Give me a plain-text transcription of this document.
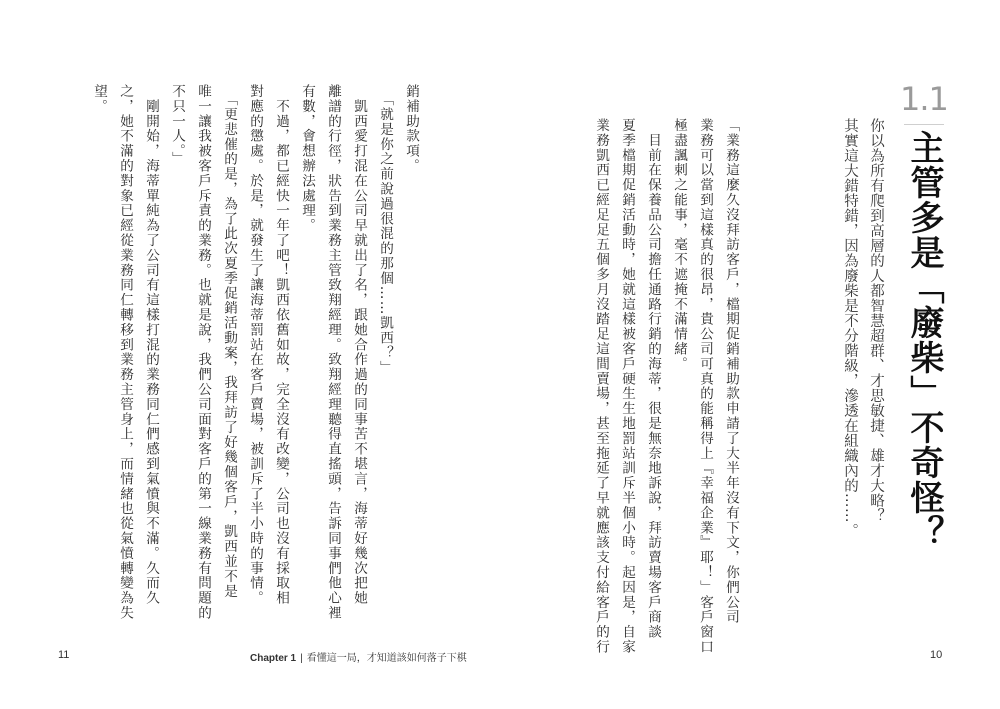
1.1
主管多是「廢柴」不奇怪？
你以為所有爬到高層的人都智慧超群、才思敏捷、雄才大略？
其實這大錯特錯，因為廢柴是不分階級，滲透在組織內的……。
「業務這麼久沒拜訪客戶，檔期促銷補助款申請了大半年沒有下文，你們公司
業務可以當到這樣真的很昂，貴公司可真的能稱得上『幸福企業』耶！」客戶窗口
極盡諷刺之能事，毫不遮掩不滿情緒。
　目前在保養品公司擔任通路行銷的海蒂，很是無奈地訴說，拜訪賣場客戶商談
夏季檔期促銷活動時，她就這樣被客戶硬生生地罰站訓斥半個小時。起因是，自家
業務凱西已經足足五個多月沒踏足這間賣場，甚至拖延了早就應該支付給客戶的行
銷補助款項。
　「就是你之前說過很混的那個……凱西？」
　凱西愛打混在公司早就出了名，跟她合作過的同事苦不堪言，海蒂好幾次把她
離譜的行徑，狀告到業務主管致翔經理。致翔經理聽得直搖頭，告訴同事們他心裡
有數，會想辦法處理。
　不過，都已經快一年了吧！凱西依舊如故，完全沒有改變，公司也沒有採取相
對應的懲處。於是，就發生了讓海蒂罰站在客戶賣場，被訓斥了半小時的事情。
　「更悲催的是，為了此次夏季促銷活動案，我拜訪了好幾個客戶，凱西並不是
唯一讓我被客戶斥責的業務。也就是說，我們公司面對客戶的第一線業務有問題的
不只一人。」
　剛開始，海蒂單純為了公司有這樣打混的業務同仁們感到氣憤與不滿。久而久
之，她不滿的對象已經從業務同仁轉移到業務主管身上，而情緒也從氣憤轉變為失
望。
11	Chapter 1 | 看懂這一局，才知道該如何落子下棋	10
